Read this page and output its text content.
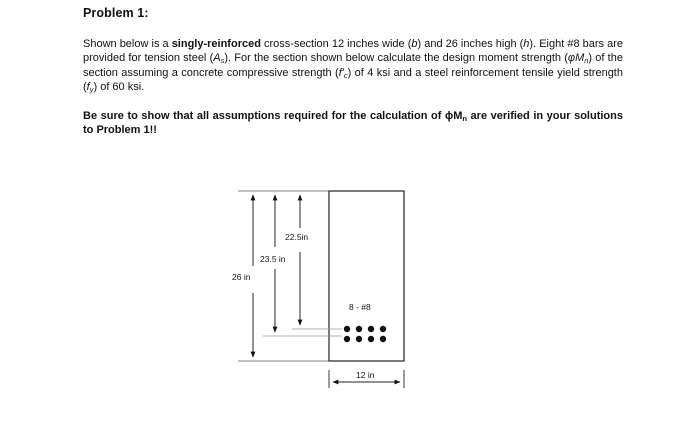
Problem 1:
Shown below is a singly-reinforced cross-section 12 inches wide (b) and 26 inches high (h). Eight #8 bars are provided for tension steel $(A_s)$. For the section shown below calculate the design moment strength $(\varphi M_n)$ of the section assuming a concrete compressive strength $(f'_c)$ of 4 ksi and a steel reinforcement tensile yield strength $(f_y)$ of 60 ksi.
Be sure to show that all assumptions required for the calculation of $\phi M_n$ are verified in your solutions to Problem 1!!
26 in
23.5 in
22.5in
8 - #8
12 in
